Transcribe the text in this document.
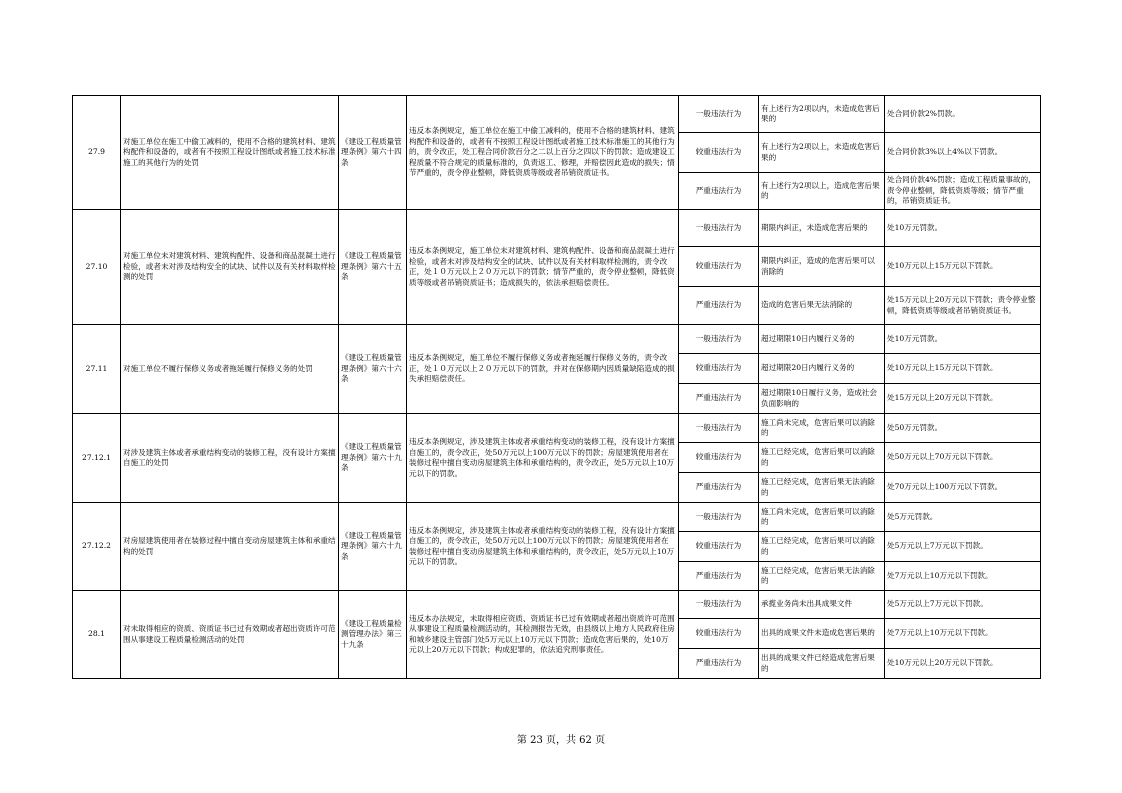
27.9	对施工单位在施工中偷工减料的，使用不合格的建筑材料、建筑构配件和设备的，或者有不按照工程设计图纸或者施工技术标准施工的其他行为的处罚	《建设工程质量管理条例》第六十四条	违反本条例规定，施工单位在施工中偷工减料的，使用不合格的建筑材料、建筑构配件和设备的，或者有不按照工程设计图纸或者施工技术标准施工的其他行为的，责令改正，处工程合同价款百分之二以上百分之四以下的罚款；造成建设工程质量不符合规定的质量标准的，负责返工、修理，并赔偿因此造成的损失；情节严重的，责令停业整顿，降低资质等级或者吊销资质证书。	一般违法行为	有上述行为2项以内，未造成危害后果的	处合同价款2%罚款。
				较重违法行为	有上述行为2项以上，未造成危害后果的	处合同价款3%以上4%以下罚款。
				严重违法行为	有上述行为2项以上，造成危害后果的	处合同价款4%罚款；造成工程质量事故的，责令停业整顿，降低资质等级；情节严重的，吊销资质证书。
27.10	对施工单位未对建筑材料、建筑构配件、设备和商品混凝土进行检验，或者未对涉及结构安全的试块、试件以及有关材料取样检测的处罚	《建设工程质量管理条例》第六十五条	违反本条例规定，施工单位未对建筑材料、建筑构配件、设备和商品混凝土进行检验，或者未对涉及结构安全的试块、试件以及有关材料取样检测的，责令改正，处１０万元以上２０万元以下的罚款；情节严重的，责令停业整顿，降低资质等级或者吊销资质证书；造成损失的，依法承担赔偿责任。	一般违法行为	期限内纠正，未造成危害后果的	处10万元罚款。
				较重违法行为	期限内纠正，造成的危害后果可以消除的	处10万元以上15万元以下罚款。
				严重违法行为	造成的危害后果无法消除的	处15万元以上20万元以下罚款；责令停业整顿，降低资质等级或者吊销资质证书。
27.11	对施工单位不履行保修义务或者拖延履行保修义务的处罚	《建设工程质量管理条例》第六十六条	违反本条例规定，施工单位不履行保修义务或者拖延履行保修义务的，责令改正，处１０万元以上２０万元以下的罚款，并对在保修期内因质量缺陷造成的损失承担赔偿责任。	一般违法行为	超过期限10日内履行义务的	处10万元罚款。
				较重违法行为	超过期限20日内履行义务的	处10万元以上15万元以下罚款。
				严重违法行为	超过期限10日履行义务，造成社会负面影响的	处15万元以上20万元以下罚款。
27.12.1	对涉及建筑主体或者承重结构变动的装修工程，没有设计方案擅自施工的处罚	《建设工程质量管理条例》第六十九条	违反本条例规定，涉及建筑主体或者承重结构变动的装修工程，没有设计方案擅自施工的，责令改正，处50万元以上100万元以下的罚款；房屋建筑使用者在装修过程中擅自变动房屋建筑主体和承重结构的，责令改正，处5万元以上10万元以下的罚款。	一般违法行为	施工尚未完成，危害后果可以消除的	处50万元罚款。
				较重违法行为	施工已经完成，危害后果可以消除的	处50万元以上70万元以下罚款。
				严重违法行为	施工已经完成，危害后果无法消除的	处70万元以上100万元以下罚款。
27.12.2	对房屋建筑使用者在装修过程中擅自变动房屋建筑主体和承重结构的处罚	《建设工程质量管理条例》第六十九条	违反本条例规定，涉及建筑主体或者承重结构变动的装修工程，没有设计方案擅自施工的，责令改正，处50万元以上100万元以下的罚款；房屋建筑使用者在装修过程中擅自变动房屋建筑主体和承重结构的，责令改正，处5万元以上10万元以下的罚款。	一般违法行为	施工尚未完成，危害后果可以消除的	处5万元罚款。
				较重违法行为	施工已经完成，危害后果可以消除的	处5万元以上7万元以下罚款。
				严重违法行为	施工已经完成，危害后果无法消除的	处7万元以上10万元以下罚款。
28.1	对未取得相应的资质、资质证书已过有效期或者超出资质许可范围从事建设工程质量检测活动的处罚	《建设工程质量检测管理办法》第三十九条	违反本办法规定，未取得相应资质、资质证书已过有效期或者超出资质许可范围从事建设工程质量检测活动的，其检测报告无效，由县级以上地方人民政府住房和城乡建设主管部门处5万元以上10万元以下罚款；造成危害后果的，处10万元以上20万元以下罚款；构成犯罪的，依法追究刑事责任。	一般违法行为	承揽业务尚未出具成果文件	处5万元以上7万元以下罚款。
				较重违法行为	出具的成果文件未造成危害后果的	处7万元以上10万元以下罚款。
				严重违法行为	出具的成果文件已经造成危害后果的	处10万元以上20万元以下罚款。
第 23 页，共 62 页
